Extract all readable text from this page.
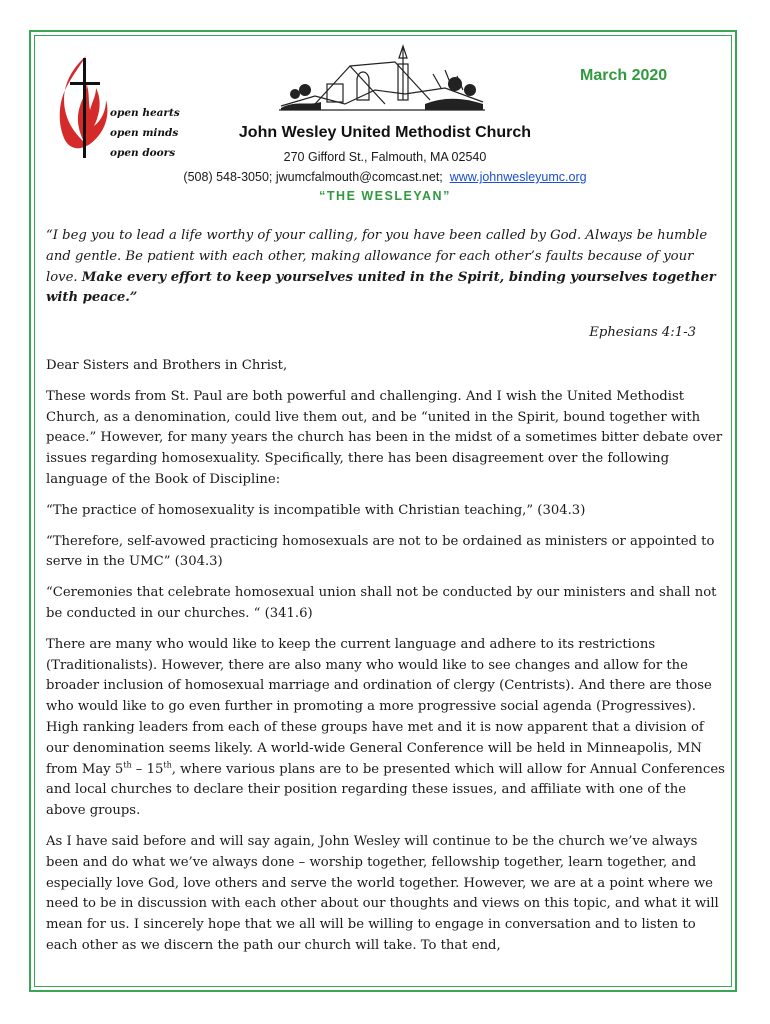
open hearts
open minds
open doors
March 2020
John Wesley United Methodist Church
270 Gifford St., Falmouth, MA 02540
(508) 548-3050; jwumcfalmouth@comcast.net; www.johnwesleyumc.org
“THE WESLEYAN”

“I beg you to lead a life worthy of your calling, for you have been called by God. Always be humble and gentle. Be patient with each other, making allowance for each other’s faults because of your love. Make every effort to keep yourselves united in the Spirit, binding yourselves together with peace.”

Ephesians 4:1-3

Dear Sisters and Brothers in Christ,

These words from St. Paul are both powerful and challenging. And I wish the United Methodist Church, as a denomination, could live them out, and be “united in the Spirit, bound together with peace.” However, for many years the church has been in the midst of a sometimes bitter debate over issues regarding homosexuality. Specifically, there has been disagreement over the following language of the Book of Discipline:

“The practice of homosexuality is incompatible with Christian teaching,” (304.3)

“Therefore, self-avowed practicing homosexuals are not to be ordained as ministers or appointed to serve in the UMC” (304.3)

“Ceremonies that celebrate homosexual union shall not be conducted by our ministers and shall not be conducted in our churches. “ (341.6)

There are many who would like to keep the current language and adhere to its restrictions (Traditionalists). However, there are also many who would like to see changes and allow for the broader inclusion of homosexual marriage and ordination of clergy (Centrists). And there are those who would like to go even further in promoting a more progressive social agenda (Progressives). High ranking leaders from each of these groups have met and it is now apparent that a division of our denomination seems likely. A world-wide General Conference will be held in Minneapolis, MN from May 5th – 15th, where various plans are to be presented which will allow for Annual Conferences and local churches to declare their position regarding these issues, and affiliate with one of the above groups.

As I have said before and will say again, John Wesley will continue to be the church we’ve always been and do what we’ve always done – worship together, fellowship together, learn together, and especially love God, love others and serve the world together. However, we are at a point where we need to be in discussion with each other about our thoughts and views on this topic, and what it will mean for us. I sincerely hope that we all will be willing to engage in conversation and to listen to each other as we discern the path our church will take. To that end,
